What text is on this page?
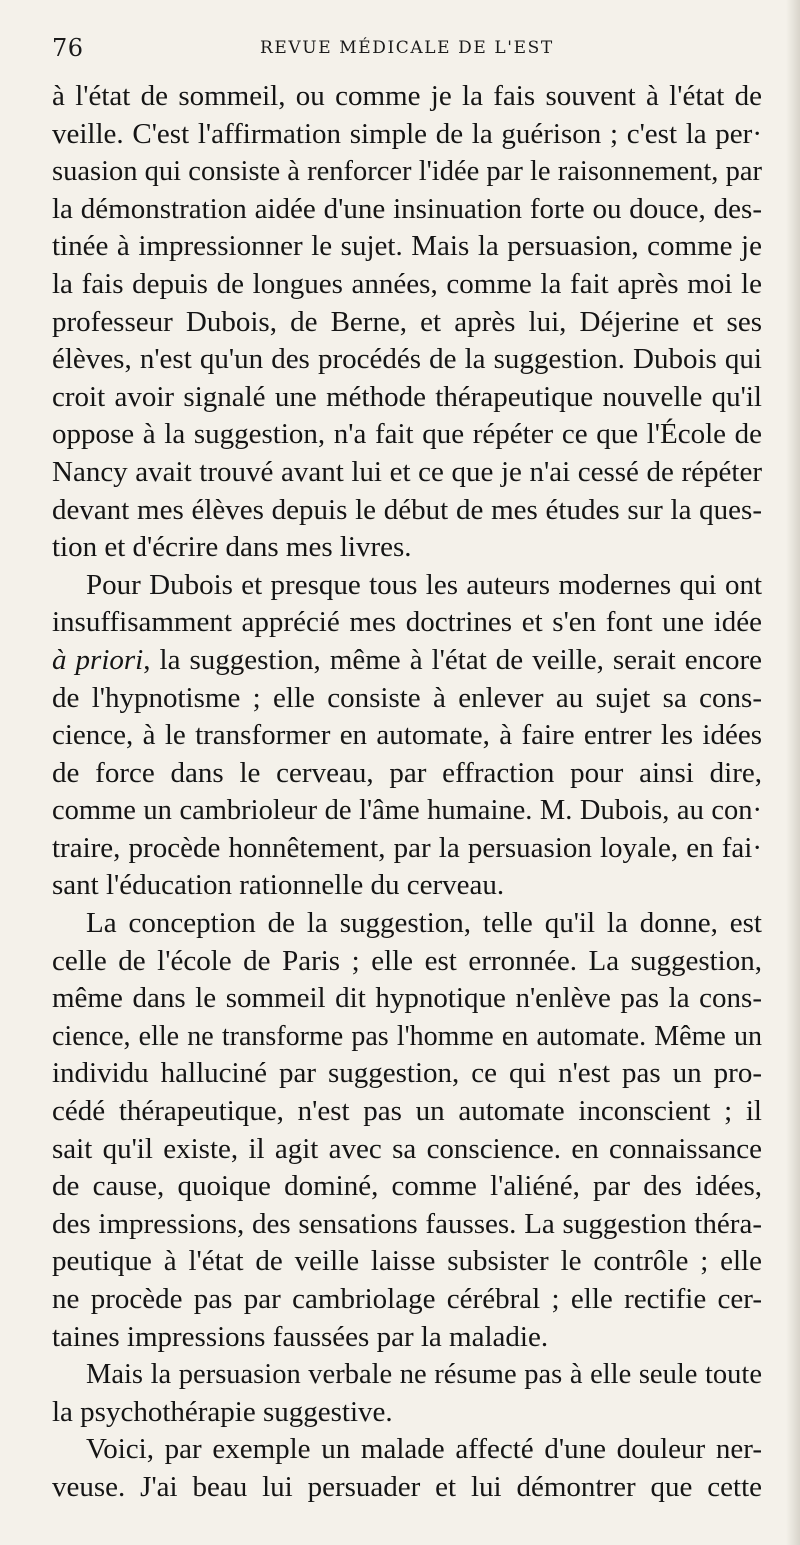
76	REVUE MÉDICALE DE L'EST
à l'état de sommeil, ou comme je la fais souvent à l'état de
veille. C'est l'affirmation simple de la guérison ; c'est la per·
suasion qui consiste à renforcer l'idée par le raisonnement, par
la démonstration aidée d'une insinuation forte ou douce, des-
tinée à impressionner le sujet. Mais la persuasion, comme je
la fais depuis de longues années, comme la fait après moi le
professeur Dubois, de Berne, et après lui, Déjerine et ses
élèves, n'est qu'un des procédés de la suggestion. Dubois qui
croit avoir signalé une méthode thérapeutique nouvelle qu'il
oppose à la suggestion, n'a fait que répéter ce que l'École de
Nancy avait trouvé avant lui et ce que je n'ai cessé de répéter
devant mes élèves depuis le début de mes études sur la ques-
tion et d'écrire dans mes livres.
Pour Dubois et presque tous les auteurs modernes qui ont
insuffisamment apprécié mes doctrines et s'en font une idée
à priori, la suggestion, même à l'état de veille, serait encore
de l'hypnotisme ; elle consiste à enlever au sujet sa cons-
cience, à le transformer en automate, à faire entrer les idées
de force dans le cerveau, par effraction pour ainsi dire,
comme un cambrioleur de l'âme humaine. M. Dubois, au con·
traire, procède honnêtement, par la persuasion loyale, en fai·
sant l'éducation rationnelle du cerveau.
La conception de la suggestion, telle qu'il la donne, est
celle de l'école de Paris ; elle est erronnée. La suggestion,
même dans le sommeil dit hypnotique n'enlève pas la cons-
cience, elle ne transforme pas l'homme en automate. Même un
individu halluciné par suggestion, ce qui n'est pas un pro-
cédé thérapeutique, n'est pas un automate inconscient ; il
sait qu'il existe, il agit avec sa conscience. en connaissance
de cause, quoique dominé, comme l'aliéné, par des idées,
des impressions, des sensations fausses. La suggestion théra-
peutique à l'état de veille laisse subsister le contrôle ; elle
ne procède pas par cambriolage cérébral ; elle rectifie cer-
taines impressions faussées par la maladie.
Mais la persuasion verbale ne résume pas à elle seule toute
la psychothérapie suggestive.
Voici, par exemple un malade affecté d'une douleur ner-
veuse. J'ai beau lui persuader et lui démontrer que cette
